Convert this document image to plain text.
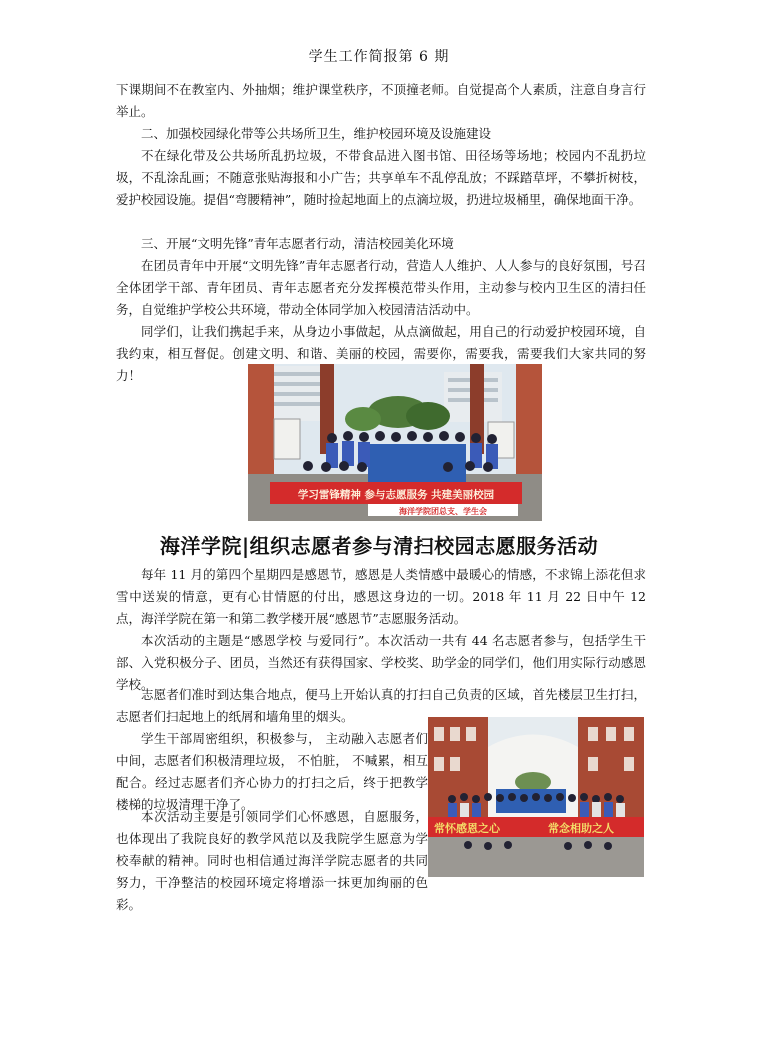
学生工作简报第 6 期

下课期间不在教室内、外抽烟；维护课堂秩序，不顶撞老师。自觉提高个人素质，注意自身言行举止。

二、加强校园绿化带等公共场所卫生，维护校园环境及设施建设

不在绿化带及公共场所乱扔垃圾，不带食品进入图书馆、田径场等场地；校园内不乱扔垃圾，不乱涂乱画；不随意张贴海报和小广告；共享单车不乱停乱放；不踩踏草坪，不攀折树枝，爱护校园设施。提倡“弯腰精神”，随时捡起地面上的点滴垃圾，扔进垃圾桶里，确保地面干净。

三、开展“文明先锋”青年志愿者行动，清洁校园美化环境

在团员青年中开展“文明先锋”青年志愿者行动，营造人人维护、人人参与的良好氛围，号召全体团学干部、青年团员、青年志愿者充分发挥模范带头作用，主动参与校内卫生区的清扫任务，自觉维护学校公共环境，带动全体同学加入校园清洁活动中。

同学们，让我们携起手来，从身边小事做起，从点滴做起，用自己的行动爱护校园环境，自我约束，相互督促。创建文明、和谐、美丽的校园，需要你，需要我，需要我们大家共同的努力！

学习雷锋精神 参与志愿服务 共建美丽校园
海洋学院团总支、学生会
海洋学院|组织志愿者参与清扫校园志愿服务活动

每年 11 月的第四个星期四是感恩节，感恩是人类情感中最暖心的情感，不求锦上添花但求雪中送炭的情意，更有心甘情愿的付出，感恩这身边的一切。2018 年 11 月 22 日中午 12 点，海洋学院在第一和第二教学楼开展“感恩节”志愿服务活动。

本次活动的主题是“感恩学校 与爱同行”。本次活动一共有 44 名志愿者参与，包括学生干部、入党积极分子、团员，当然还有获得国家、学校奖、助学金的同学们，他们用实际行动感恩学校。

志愿者们准时到达集合地点，便马上开始认真的打扫自己负责的区域，首先楼层卫生打扫，志愿者们扫起地上的纸屑和墙角里的烟头。

学生干部周密组织，积极参与， 主动融入志愿者们中间，志愿者们积极清理垃圾， 不怕脏， 不喊累，相互配合。经过志愿者们齐心协力的打扫之后，终于把教学楼梯的垃圾清理干净了。

本次活动主要是引领同学们心怀感恩，自愿服务，也体现出了我院良好的教学风范以及我院学生愿意为学校奉献的精神。同时也相信通过海洋学院志愿者的共同努力，干净整洁的校园环境定将增添一抹更加绚丽的色彩。

常怀感恩之心	常念相助之人
